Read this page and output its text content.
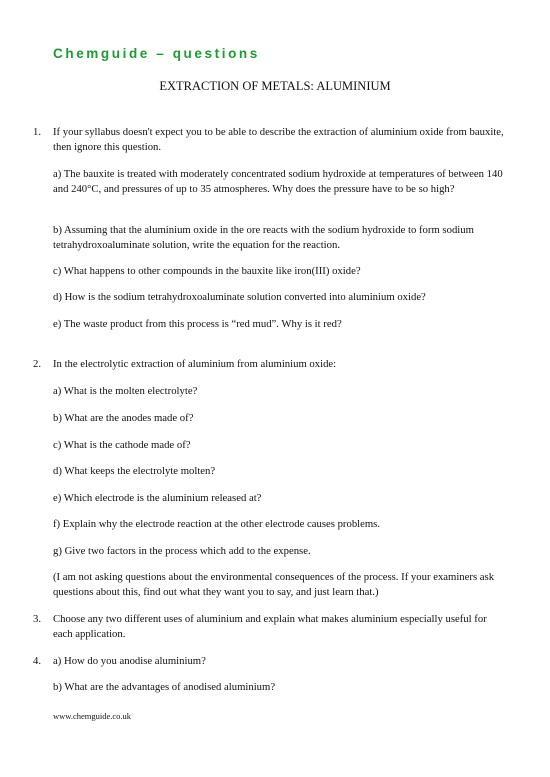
Chemguide – questions
EXTRACTION OF METALS: ALUMINIUM
1. If your syllabus doesn't expect you to be able to describe the extraction of aluminium oxide from bauxite, then ignore this question.

a) The bauxite is treated with moderately concentrated sodium hydroxide at temperatures of between 140 and 240°C, and pressures of up to 35 atmospheres. Why does the pressure have to be so high?

b) Assuming that the aluminium oxide in the ore reacts with the sodium hydroxide to form sodium tetrahydroxoaluminate solution, write the equation for the reaction.

c) What happens to other compounds in the bauxite like iron(III) oxide?

d) How is the sodium tetrahydroxoaluminate solution converted into aluminium oxide?

e) The waste product from this process is “red mud”. Why is it red?

2. In the electrolytic extraction of aluminium from aluminium oxide:

a) What is the molten electrolyte?

b) What are the anodes made of?

c) What is the cathode made of?

d) What keeps the electrolyte molten?

e) Which electrode is the aluminium released at?

f) Explain why the electrode reaction at the other electrode causes problems.

g) Give two factors in the process which add to the expense.

(I am not asking questions about the environmental consequences of the process. If your examiners ask questions about this, find out what they want you to say, and just learn that.)

3. Choose any two different uses of aluminium and explain what makes aluminium especially useful for each application.

4. a) How do you anodise aluminium?

b) What are the advantages of anodised aluminium?

www.chemguide.co.uk
